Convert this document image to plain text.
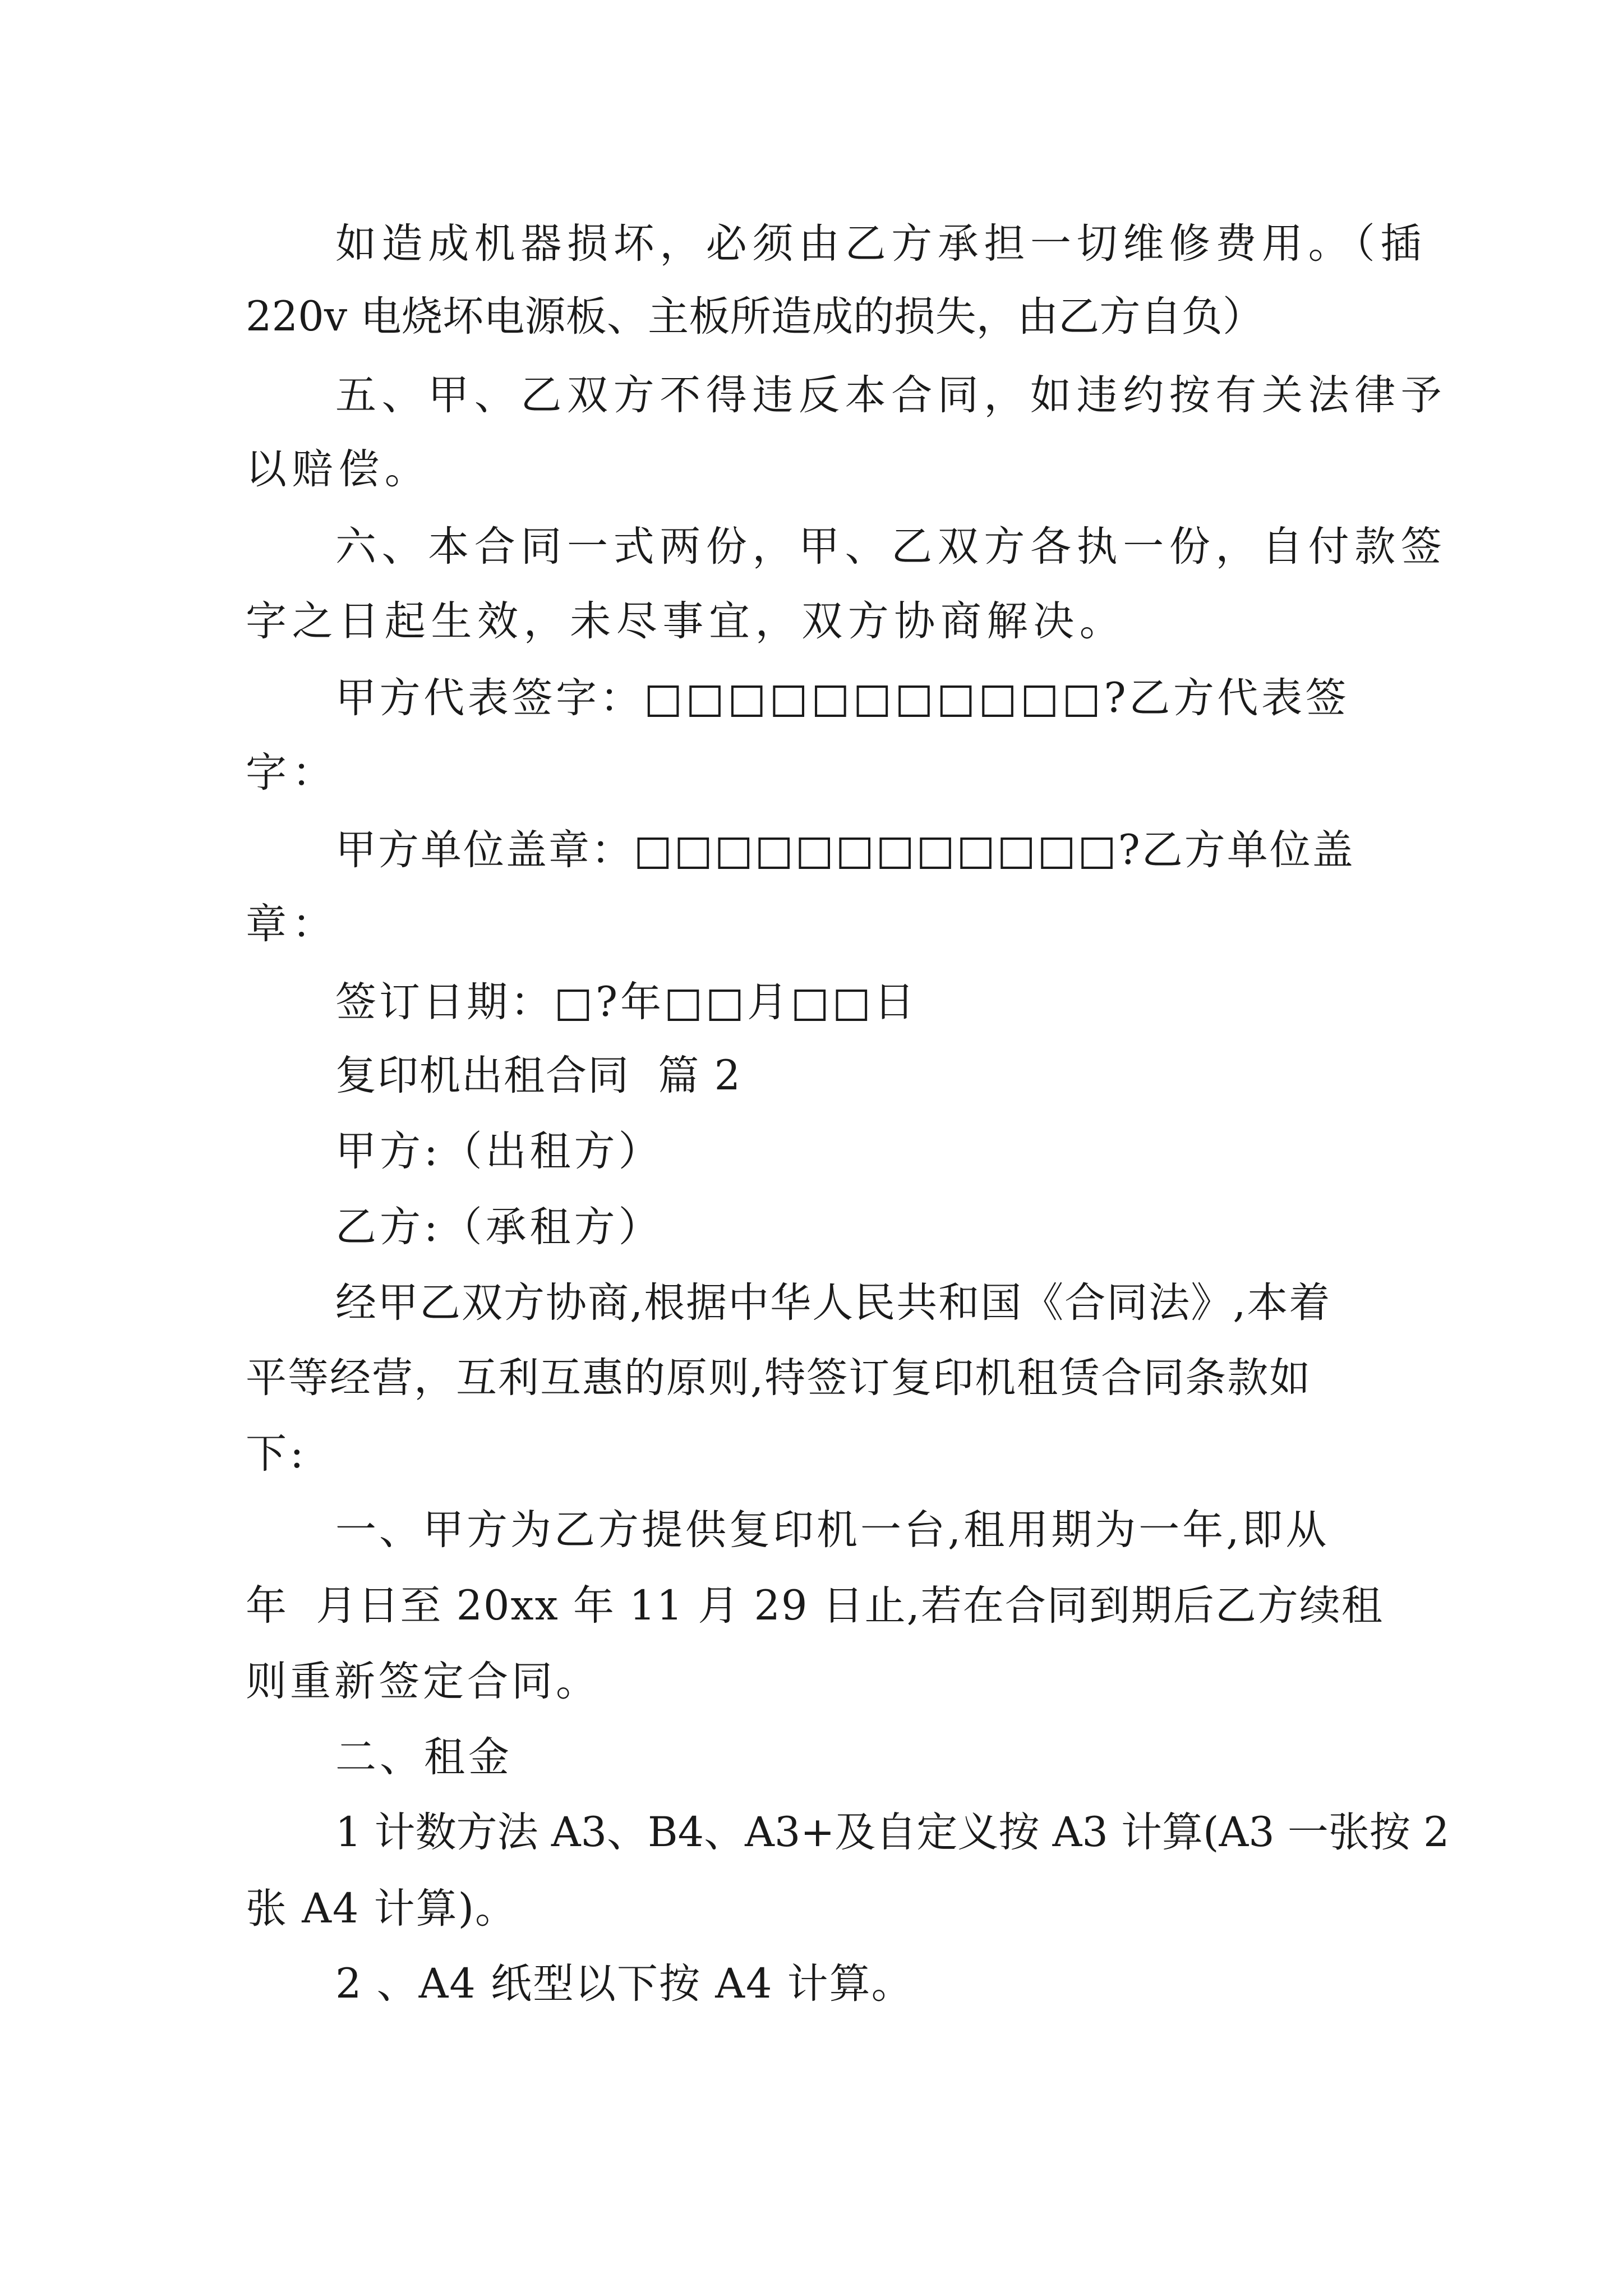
如造成机器损坏，必须由乙方承担一切维修费用。（插

220v 电烧坏电源板、主板所造成的损失，由乙方自负）

五、甲、乙双方不得违反本合同，如违约按有关法律予

以赔偿。

六、本合同一式两份，甲、乙双方各执一份，自付款签

字之日起生效，未尽事宜，双方协商解决。

甲方代表签字：□□□□□□□□□□□?乙方代表签

字：

甲方单位盖章：□□□□□□□□□□□□?乙方单位盖

章：

签订日期：□?年□□月□□日

复印机出租合同  篇 2

甲方:（出租方）

乙方:（承租方）

经甲乙双方协商,根据中华人民共和国《合同法》,本着

平等经营，互利互惠的原则,特签订复印机租赁合同条款如

下:

一、甲方为乙方提供复印机一台,租用期为一年,即从

年  月日至 20xx 年 11 月 29 日止,若在合同到期后乙方续租

则重新签定合同。

二、租金

1 计数方法 A3、B4、A3+及自定义按 A3 计算(A3 一张按 2

张 A4 计算)。

2 、A4 纸型以下按 A4 计算。
